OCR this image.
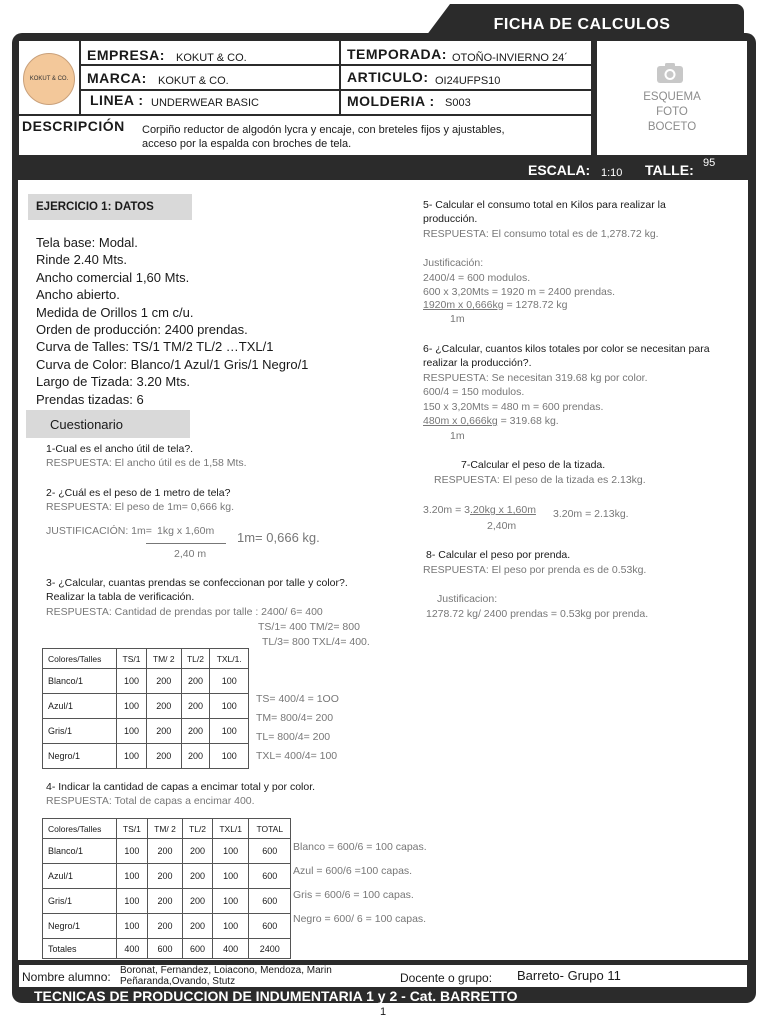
FICHA DE CALCULOS
KOKUT & CO.
EMPRESA: KOKUT & CO.
MARCA: KOKUT & CO.
LINEA : UNDERWEAR BASIC
TEMPORADA: OTOÑO-INVIERNO 24´
ARTICULO: OI24UFPS10
MOLDERIA : S003	ESQUEMA
FOTO
BOCETO
DESCRIPCIÓN Corpiño reductor de algodón lycra y encaje, con breteles fijos y ajustables,
acceso por la espalda con broches de tela.
ESCALA: 1:10 TALLE: 95
EJERCICIO 1: DATOS
Tela base: Modal.
Rinde 2.40 Mts.
Ancho comercial 1,60 Mts.
Ancho abierto.
Medida de Orillos 1 cm c/u.
Orden de producción: 2400 prendas.
Curva de Talles: TS/1 TM/2 TL/2 …TXL/1
Curva de Color: Blanco/1 Azul/1 Gris/1 Negro/1
Largo de Tizada: 3.20 Mts.
Prendas tizadas: 6
Cuestionario
1-Cual es el ancho útil de tela?.
RESPUESTA: El ancho útil es de 1,58 Mts.
2- ¿Cuál es el peso de 1 metro de tela?
RESPUESTA: El peso de 1m= 0,666 kg.
JUSTIFICACIÓN: 1m= 1kg x 1,60m
2,40 m
1m= 0,666 kg.
3- ¿Calcular, cuantas prendas se confeccionan por talle y color?.
Realizar la tabla de verificación.
RESPUESTA: Cantidad de prendas por talle : 2400/ 6= 400
TS/1= 400 TM/2= 800
TL/3= 800 TXL/4= 400.
Colores/Talles	TS/1	TM/ 2	TL/2	TXL/1.
Blanco/1	100	200	200	100
Azul/1	100	200	200	100
Gris/1	100	200	200	100
Negro/1	100	200	200	100
TS= 400/4 = 1OO
TM= 800/4= 200
TL= 800/4= 200
TXL= 400/4= 100
4- Indicar la cantidad de capas a encimar total y por color.
RESPUESTA: Total de capas a encimar 400.
Colores/Talles	TS/1	TM/ 2	TL/2	TXL/1	TOTAL
Blanco/1	100	200	200	100	600
Azul/1	100	200	200	100	600
Gris/1	100	200	200	100	600
Negro/1	100	200	200	100	600
Totales	400	600	600	400	2400
Blanco = 600/6 = 100 capas.
Azul = 600/6 =100 capas.
Gris = 600/6 = 100 capas.
Negro = 600/ 6 = 100 capas.
5- Calcular el consumo total en Kilos para realizar la
producción.
RESPUESTA: El consumo total es de 1,278.72 kg.
Justificación:
2400/4 = 600 modulos.
600 x 3,20Mts = 1920 m = 2400 prendas.
1920m x 0,666kg = 1278.72 kg
1m
6- ¿Calcular, cuantos kilos totales por color se necesitan para
realizar la producción?.
RESPUESTA: Se necesitan 319.68 kg por color.
600/4 = 150 modulos.
150 x 3,20Mts = 480 m = 600 prendas.
480m x 0,666kg = 319.68 kg.
1m
7-Calcular el peso de la tizada.
RESPUESTA: El peso de la tizada es 2.13kg.
3.20m = 3.20kg x 1,60m 3.20m = 2.13kg.
2,40m
8- Calcular el peso por prenda.
RESPUESTA: El peso por prenda es de 0.53kg.
Justificacion:
1278.72 kg/ 2400 prendas = 0.53kg por prenda.
Nombre alumno: Boronat, Fernandez, Loiacono, Mendoza, Marin
Peñaranda,Ovando, Stutz	Docente o grupo: Barreto- Grupo 11
TECNICAS DE PRODUCCION DE INDUMENTARIA 1 y 2 - Cat. BARRETTO
1
